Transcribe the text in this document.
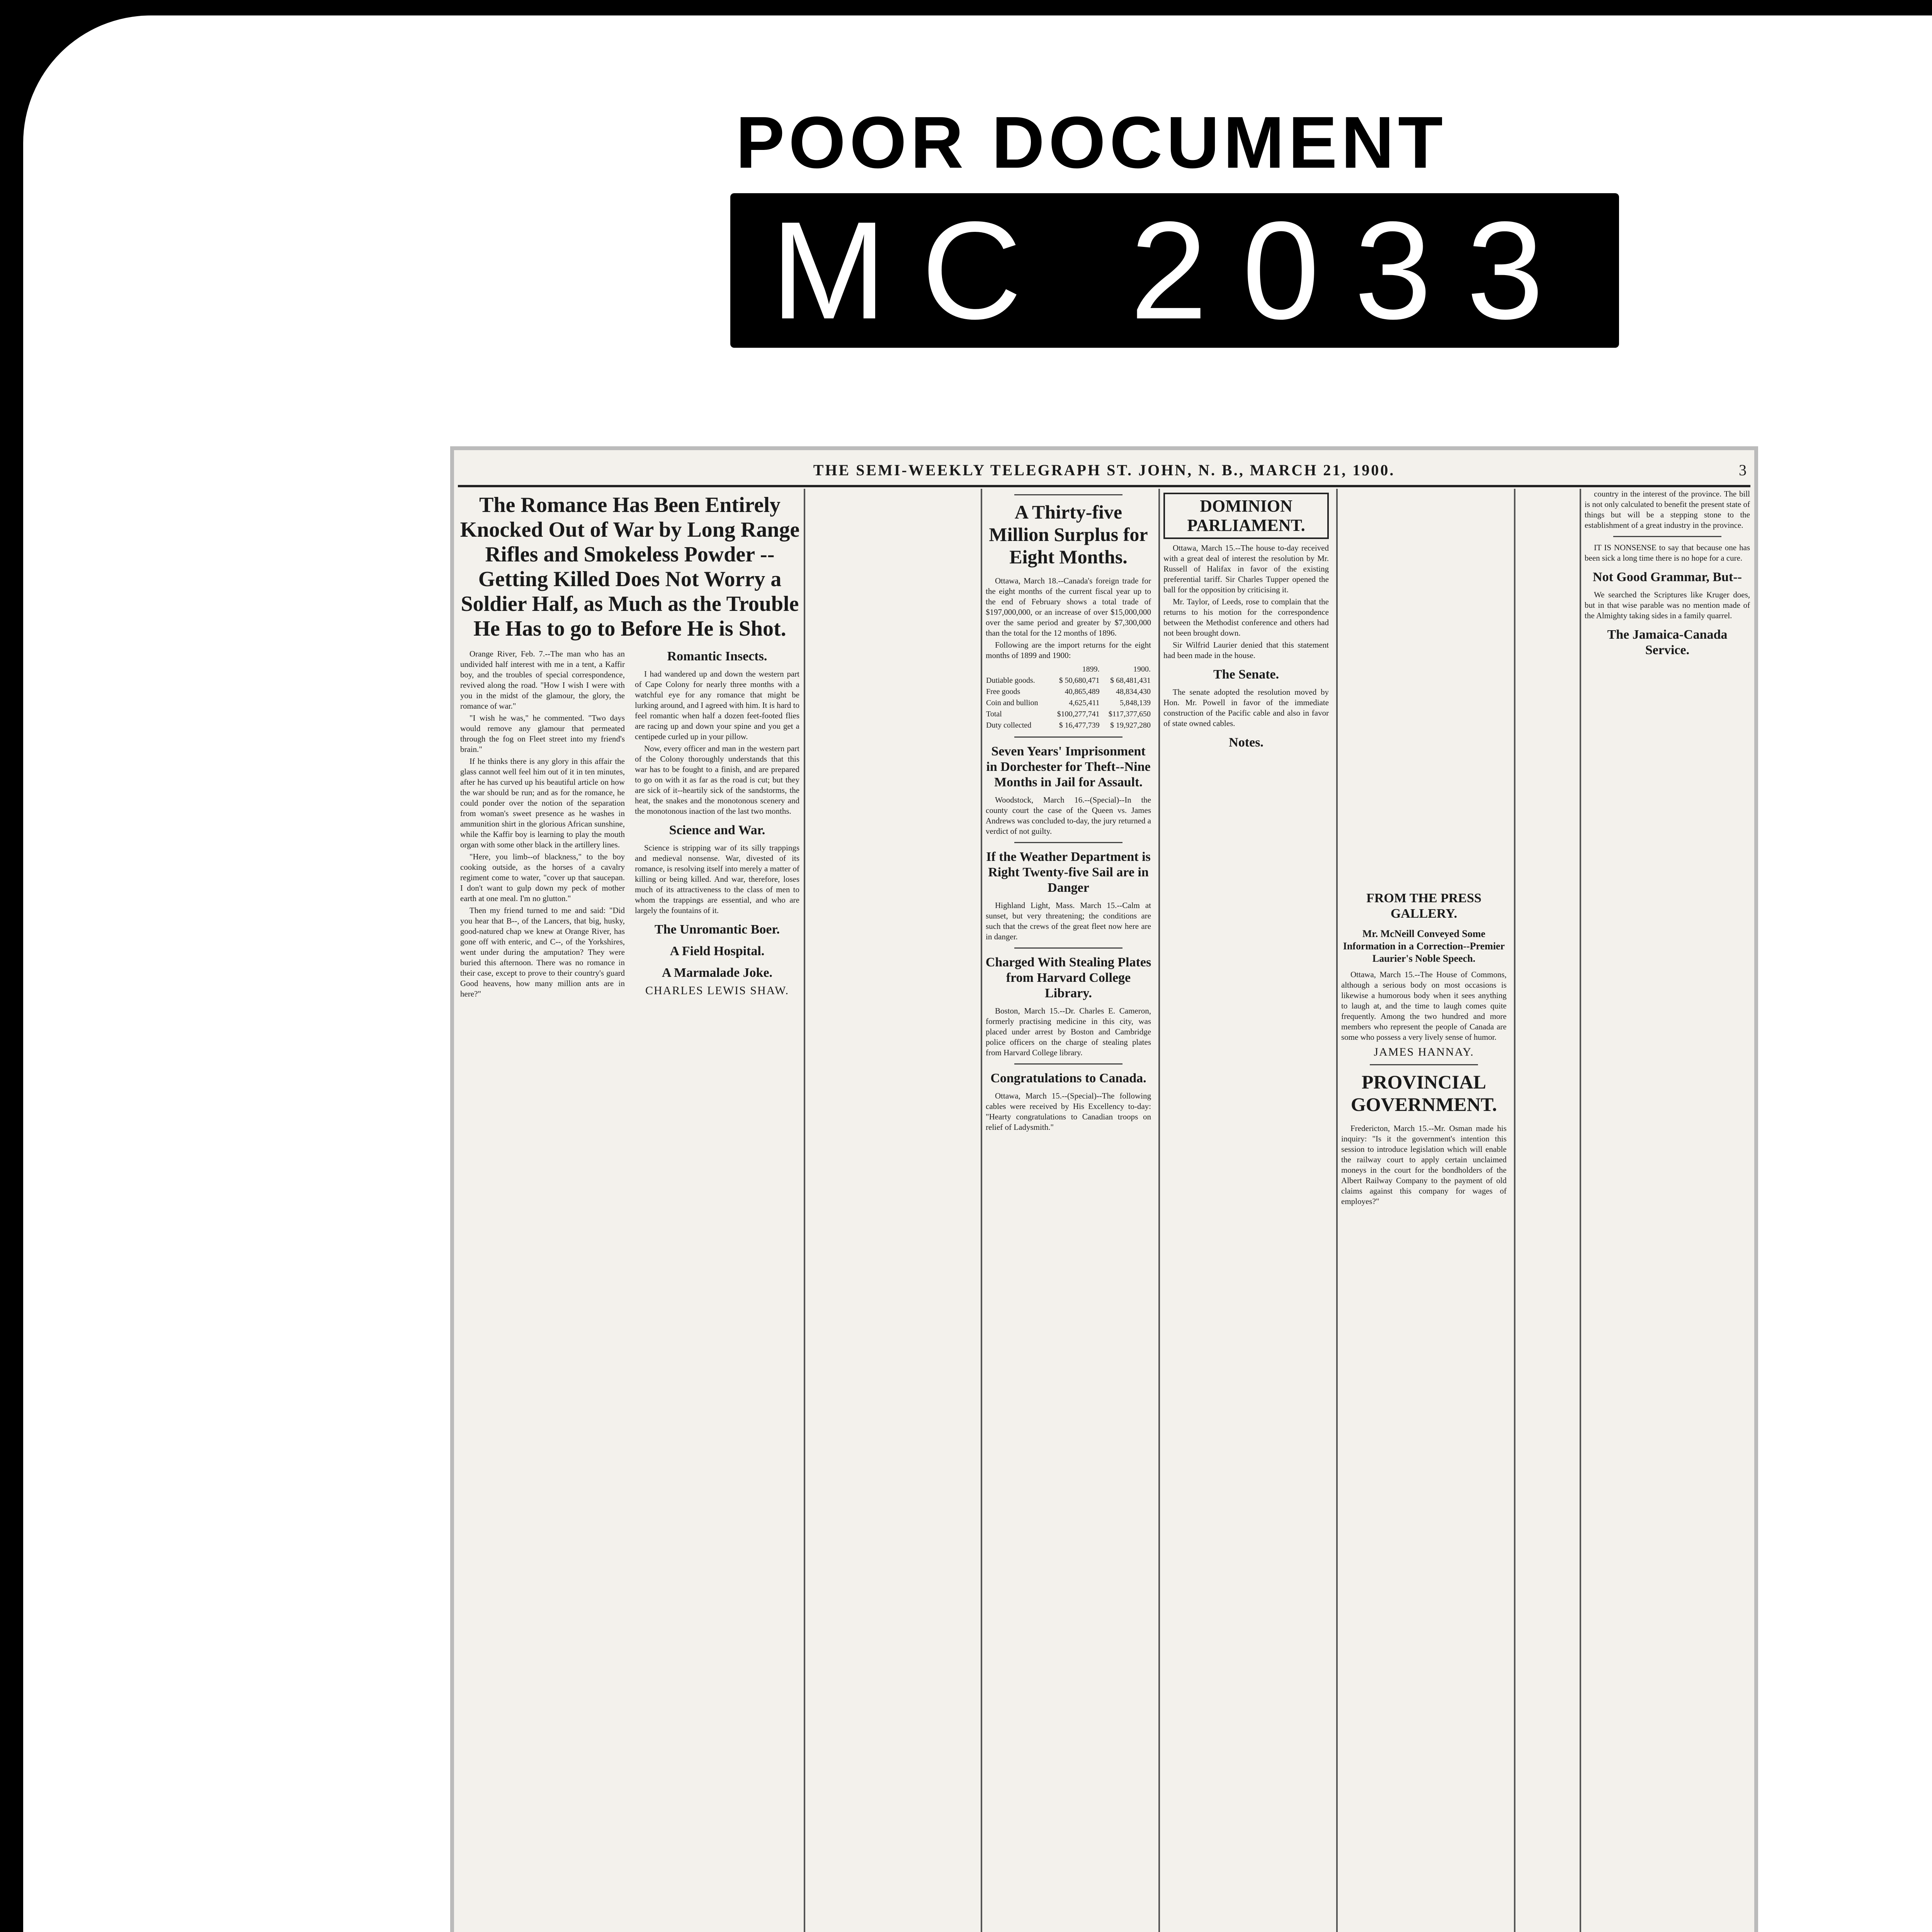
POOR DOCUMENT
MC 2033
THE SEMI-WEEKLY TELEGRAPH ST. JOHN, N. B., MARCH 21, 1900.	3
The Romance Has Been Entirely Knocked Out of War by Long Range Rifles and Smokeless Powder -- Getting Killed Does Not Worry a Soldier Half, as Much as the Trouble He Has to go to Before He is Shot.

Orange River, Feb. 7.--The man who has an undivided half interest with me in a tent, a Kaffir boy, and the troubles of special correspondence, revived along the road. "How I wish I were with you in the midst of the glamour, the glory, the romance of war."

"I wish he was," he commented. "Two days would remove any glamour that permeated through the fog on Fleet street into my friend's brain."

If he thinks there is any glory in this affair the glass cannot well feel him out of it in ten minutes, after he has curved up his beautiful article on how the war should be run; and as for the romance, he could ponder over the notion of the separation from woman's sweet presence as he washes in ammunition shirt in the glorious African sunshine, while the Kaffir boy is learning to play the mouth organ with some other black in the artillery lines.

"Here, you limb--of blackness," to the boy cooking outside, as the horses of a cavalry regiment come to water, "cover up that saucepan. I don't want to gulp down my peck of mother earth at one meal. I'm no glutton."

Then my friend turned to me and said: "Did you hear that B--, of the Lancers, that big, husky, good-natured chap we knew at Orange River, has gone off with enteric, and C--, of the Yorkshires, went under during the amputation? They were buried this afternoon. There was no romance in their case, except to prove to their country's guard Good heavens, how many million ants are in here?"

Romantic Insects.

I had wandered up and down the western part of Cape Colony for nearly three months with a watchful eye for any romance that might be lurking around, and I agreed with him. It is hard to feel romantic when half a dozen feet-footed flies are racing up and down your spine and you get a centipede curled up in your pillow.

Now, every officer and man in the western part of the Colony thoroughly understands that this war has to be fought to a finish, and are prepared to go on with it as far as the road is cut; but they are sick of it--heartily sick of the sandstorms, the heat, the snakes and the monotonous scenery and the monotonous inaction of the last two months.

Science and War.

Science is stripping war of its silly trappings and medieval nonsense. War, divested of its romance, is resolving itself into merely a matter of killing or being killed. And war, therefore, loses much of its attractiveness to the class of men to whom the trappings are essential, and who are largely the fountains of it.

The Unromantic Boer.
A Field Hospital.
A Marmalade Joke.
CHARLES LEWIS SHAW.
A Thirty-five Million Surplus for Eight Months.

Ottawa, March 18.--Canada's foreign trade for the eight months of the current fiscal year up to the end of February shows a total trade of $197,000,000, or an increase of over $15,000,000 over the same period and greater by $7,300,000 than the total for the 12 months of 1896.

Following are the import returns for the eight months of 1899 and 1900:

	1899.	1900.
Dutiable goods.	$ 50,680,471	$ 68,481,431
Free goods	40,865,489	48,834,430
Coin and bullion	4,625,411	5,848,139
Total	$100,277,741	$117,377,650
Duty collected	$ 16,477,739	$ 19,927,280
Seven Years' Imprisonment in Dorchester for Theft--Nine Months in Jail for Assault.

Woodstock, March 16.--(Special)--In the county court the case of the Queen vs. James Andrews was concluded to-day, the jury returned a verdict of not guilty.

If the Weather Department is Right Twenty-five Sail are in Danger

Highland Light, Mass. March 15.--Calm at sunset, but very threatening; the conditions are such that the crews of the great fleet now here are in danger.

Charged With Stealing Plates from Harvard College Library.

Boston, March 15.--Dr. Charles E. Cameron, formerly practising medicine in this city, was placed under arrest by Boston and Cambridge police officers on the charge of stealing plates from Harvard College library.

Congratulations to Canada.

Ottawa, March 15.--(Special)--The following cables were received by His Excellency to-day: "Hearty congratulations to Canadian troops on relief of Ladysmith."

DOMINION PARLIAMENT.

Ottawa, March 15.--The house to-day received with a great deal of interest the resolution by Mr. Russell of Halifax in favor of the existing preferential tariff. Sir Charles Tupper opened the ball for the opposition by criticising it.

Mr. Taylor, of Leeds, rose to complain that the returns to his motion for the correspondence between the Methodist conference and others had not been brought down.

Sir Wilfrid Laurier denied that this statement had been made in the house.

The Senate.

The senate adopted the resolution moved by Hon. Mr. Powell in favor of the immediate construction of the Pacific cable and also in favor of state owned cables.

Notes.
FROM THE PRESS GALLERY.
Mr. McNeill Conveyed Some Information in a Correction--Premier Laurier's Noble Speech.

Ottawa, March 15.--The House of Commons, although a serious body on most occasions is likewise a humorous body when it sees anything to laugh at, and the time to laugh comes quite frequently. Among the two hundred and more members who represent the people of Canada are some who possess a very lively sense of humor.

JAMES HANNAY.
PROVINCIAL GOVERNMENT.

Fredericton, March 15.--Mr. Osman made his inquiry: "Is it the government's intention this session to introduce legislation which will enable the railway court to apply certain unclaimed moneys in the court for the bondholders of the Albert Railway Company to the payment of old claims against this company for wages of employes?"

country in the interest of the province. The bill is not only calculated to benefit the present state of things but will be a stepping stone to the establishment of a great industry in the province.

IT IS NONSENSE to say that because one has been sick a long time there is no hope for a cure.

Not Good Grammar, But--

We searched the Scriptures like Kruger does, but in that wise parable was no mention made of the Almighty taking sides in a family quarrel.

The Jamaica-Canada Service.
